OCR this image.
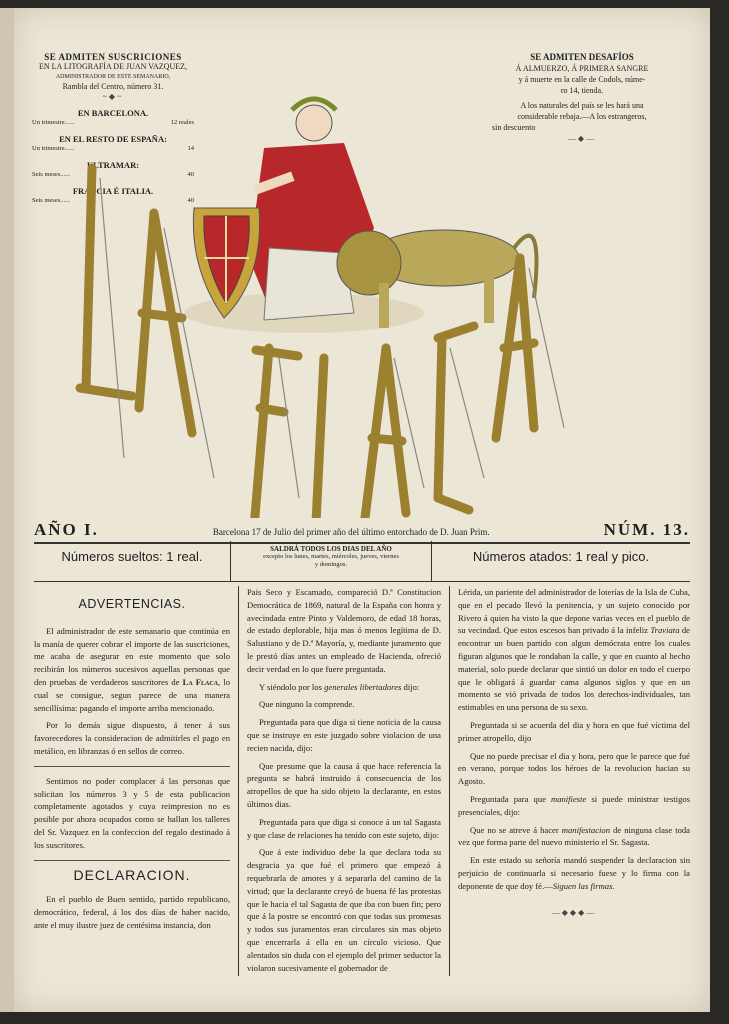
SE ADMITEN SUSCRICIONES
EN LA LITOGRAFÍA DE JUAN VAZQUEZ,
ADMINISTRADOR DE ESTE SEMANARIO,
Rambla del Centro, número 31.
~◆~
EN BARCELONA.
Un trimestre......	12 reales
EN EL RESTO DE ESPAÑA:
Un trimestre......	14
ULTRAMAR:
Seis meses......	40
FRANCIA É ITALIA.
Seis meses......	40
SE ADMITEN DESAFÍOS
Á ALMUERZO, Á PRIMERA SANGRE
y á muerte en la calle de Codols, núme-
ro 14, tienda.
A los naturales del país se les hará una
considerable rebaja.—A los estrangeros,
sin descuento
—◆—
AÑO I.	Barcelona 17 de Julio del primer año del último entorchado de D. Juan Prim.	NÚM. 13.
Números sueltos: 1 real.	SALDRÁ TODOS LOS DIAS DEL AÑO
excepto los lunes, martes, miércoles, jueves, viernes
y domingos.
Números atados: 1 real y pico.
ADVERTENCIAS.

El administrador de este semanario que continúa en la manía de querer cobrar el importe de las suscriciones, me acaba de asegurar en este momento que solo recibirán los números sucesivos aquellas personas que den pruebas de verdaderos suscritores de La Flaca, lo cual se consigue, segun parece de una manera sencillísima: pagando el importe arriba mencionado.

Por lo demás sigue dispuesto, á tener á sus favorecedores la consideracion de admitirles el pago en metálico, en libranzas ó en sellos de correo.

Sentimos no poder complacer á las personas que solicitan los números 3 y 5 de esta publicacion completamente agotados y cuya reimpresion no es posible por ahora ocupados como se hallan los talleres del Sr. Vazquez en la confeccion del regalo destinado á los suscritores.

DECLARACION.

En el pueblo de Buen sentido, partido republicano, democrático, federal, á los dos días de haber nacido, ante el muy ilustre juez de centésima instancia, don

Pais Seco y Escamado, compareció D.ª Constitucion Democrática de 1869, natural de la España con honra y avecindada entre Pinto y Valdemoro, de edad 18 horas, de estado deplorable, hija mas ó menos legítima de D. Salustiano y de D.ª Mayoría, y, mediante juramento que le prestó días antes un empleado de Hacienda, ofreció decir verdad en lo que fuere preguntada.

Y siéndolo por los generales libertadores dijo:

Que ninguno la comprende.

Preguntada para que diga si tiene noticia de la causa que se instruye en este juzgado sobre violacion de una recien nacida, dijo:

Que presume que la causa á que hace referencia la pregunta se habrá instruido á consecuencia de los atropellos de que ha sido objeto la declarante, en estos últimos dias.

Preguntada para que diga si conoce á un tal Sagasta y que clase de relaciones ha tenido con este sujeto, dijo:

Que á este individuo debe la que declara toda su desgracia ya que fué el primero que empezó á requebrarla de amores y á separarla del camino de la virtud; que la declarante creyó de buena fé las protestas que le hacia el tal Sagasta de que iba con buen fin; pero que á la postre se encontró con que todas sus promesas y todos sus juramentos eran circulares sin mas objeto que encerrarla á ella en un círculo vicioso. Que alentados sin duda con el ejemplo del primer seductor la violaron sucesivamente el gobernador de

Lérida, un pariente del administrador de loterías de la Isla de Cuba, que en el pecado llevó la penitencia, y un sujeto conocido por Rivero á quien ha visto la que depone varias veces en el pueblo de su vecindad. Que estos escesos han privado á la infeliz Traviata de encontrar un buen partido con algun demócrata entre los cuales figuran algunos que le rondaban la calle, y que en cuanto al hecho material, solo puede declarar que sintió un dolor en todo el cuerpo que le obligará á guardar cama algunos siglos y que en un momento se vió privada de todos los derechos-individuales, tan estimables en una persona de su sexo.

Preguntada si se acuerda del dia y hora en que fué víctima del primer atropello, dijo

Que no puede precisar el dia y hora, pero que le parece que fué en verano, porque todos los héroes de la revolucion hacian su Agosto.

Preguntada para que manifieste si puede ministrar testigos presenciales, dijo:

Que no se atreve á hacer manifestacion de ninguna clase toda vez que forma parte del nuevo ministerio el Sr. Sagasta.

En este estado su señoría mandó suspender la declaracion sin perjuicio de continuarla si necesario fuese y lo firma con la deponente de que doy fé.—Siguen las firmas.

—◆◆◆—
